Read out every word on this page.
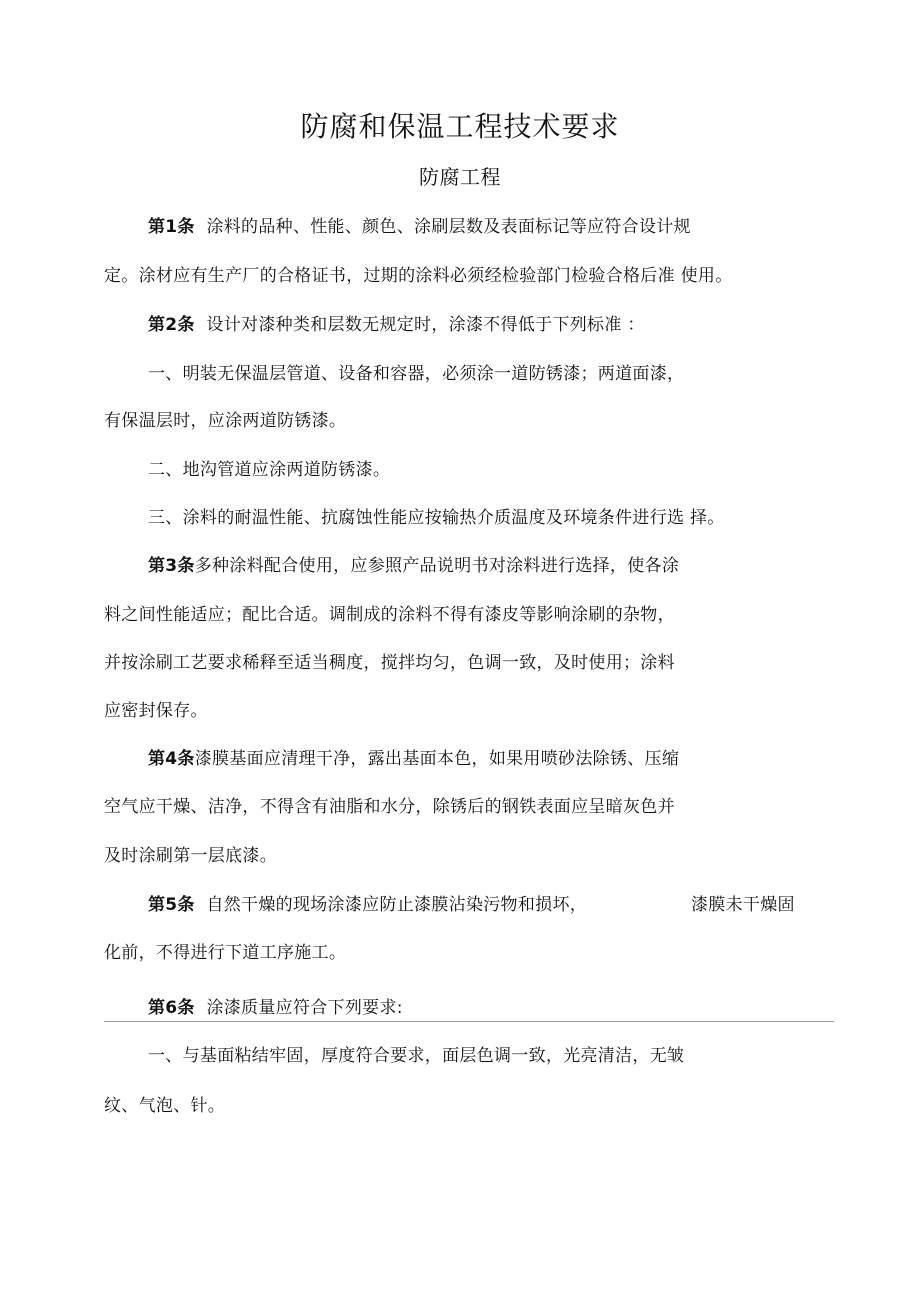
防腐和保温工程技术要求
防腐工程
第1条 涂料的品种、性能、颜色、涂刷层数及表面标记等应符合设计规
定。涂材应有生产厂的合格证书，过期的涂料必须经检验部门检验合格后准 使用。
第2条 设计对漆种类和层数无规定时，涂漆不得低于下列标准 ：
一、明装无保温层管道、设备和容器，必须涂一道防锈漆；两道面漆，
有保温层时，应涂两道防锈漆。
二、地沟管道应涂两道防锈漆。
三、涂料的耐温性能、抗腐蚀性能应按输热介质温度及环境条件进行选 择。
第3条多种涂料配合使用，应参照产品说明书对涂料进行选择，使各涂
料之间性能适应；配比合适。调制成的涂料不得有漆皮等影响涂刷的杂物，
并按涂刷工艺要求稀释至适当稠度，搅拌均匀，色调一致，及时使用；涂料
应密封保存。
第4条漆膜基面应清理干净，露出基面本色，如果用喷砂法除锈、压缩
空气应干燥、洁净，不得含有油脂和水分，除锈后的钢铁表面应呈暗灰色并
及时涂刷第一层底漆。
第5条 自然干燥的现场涂漆应防止漆膜沾染污物和损坏，	漆膜未干燥固
化前，不得进行下道工序施工。
第6条 涂漆质量应符合下列要求:
一、与基面粘结牢固，厚度符合要求，面层色调一致，光亮清洁，无皱
纹、气泡、针。
